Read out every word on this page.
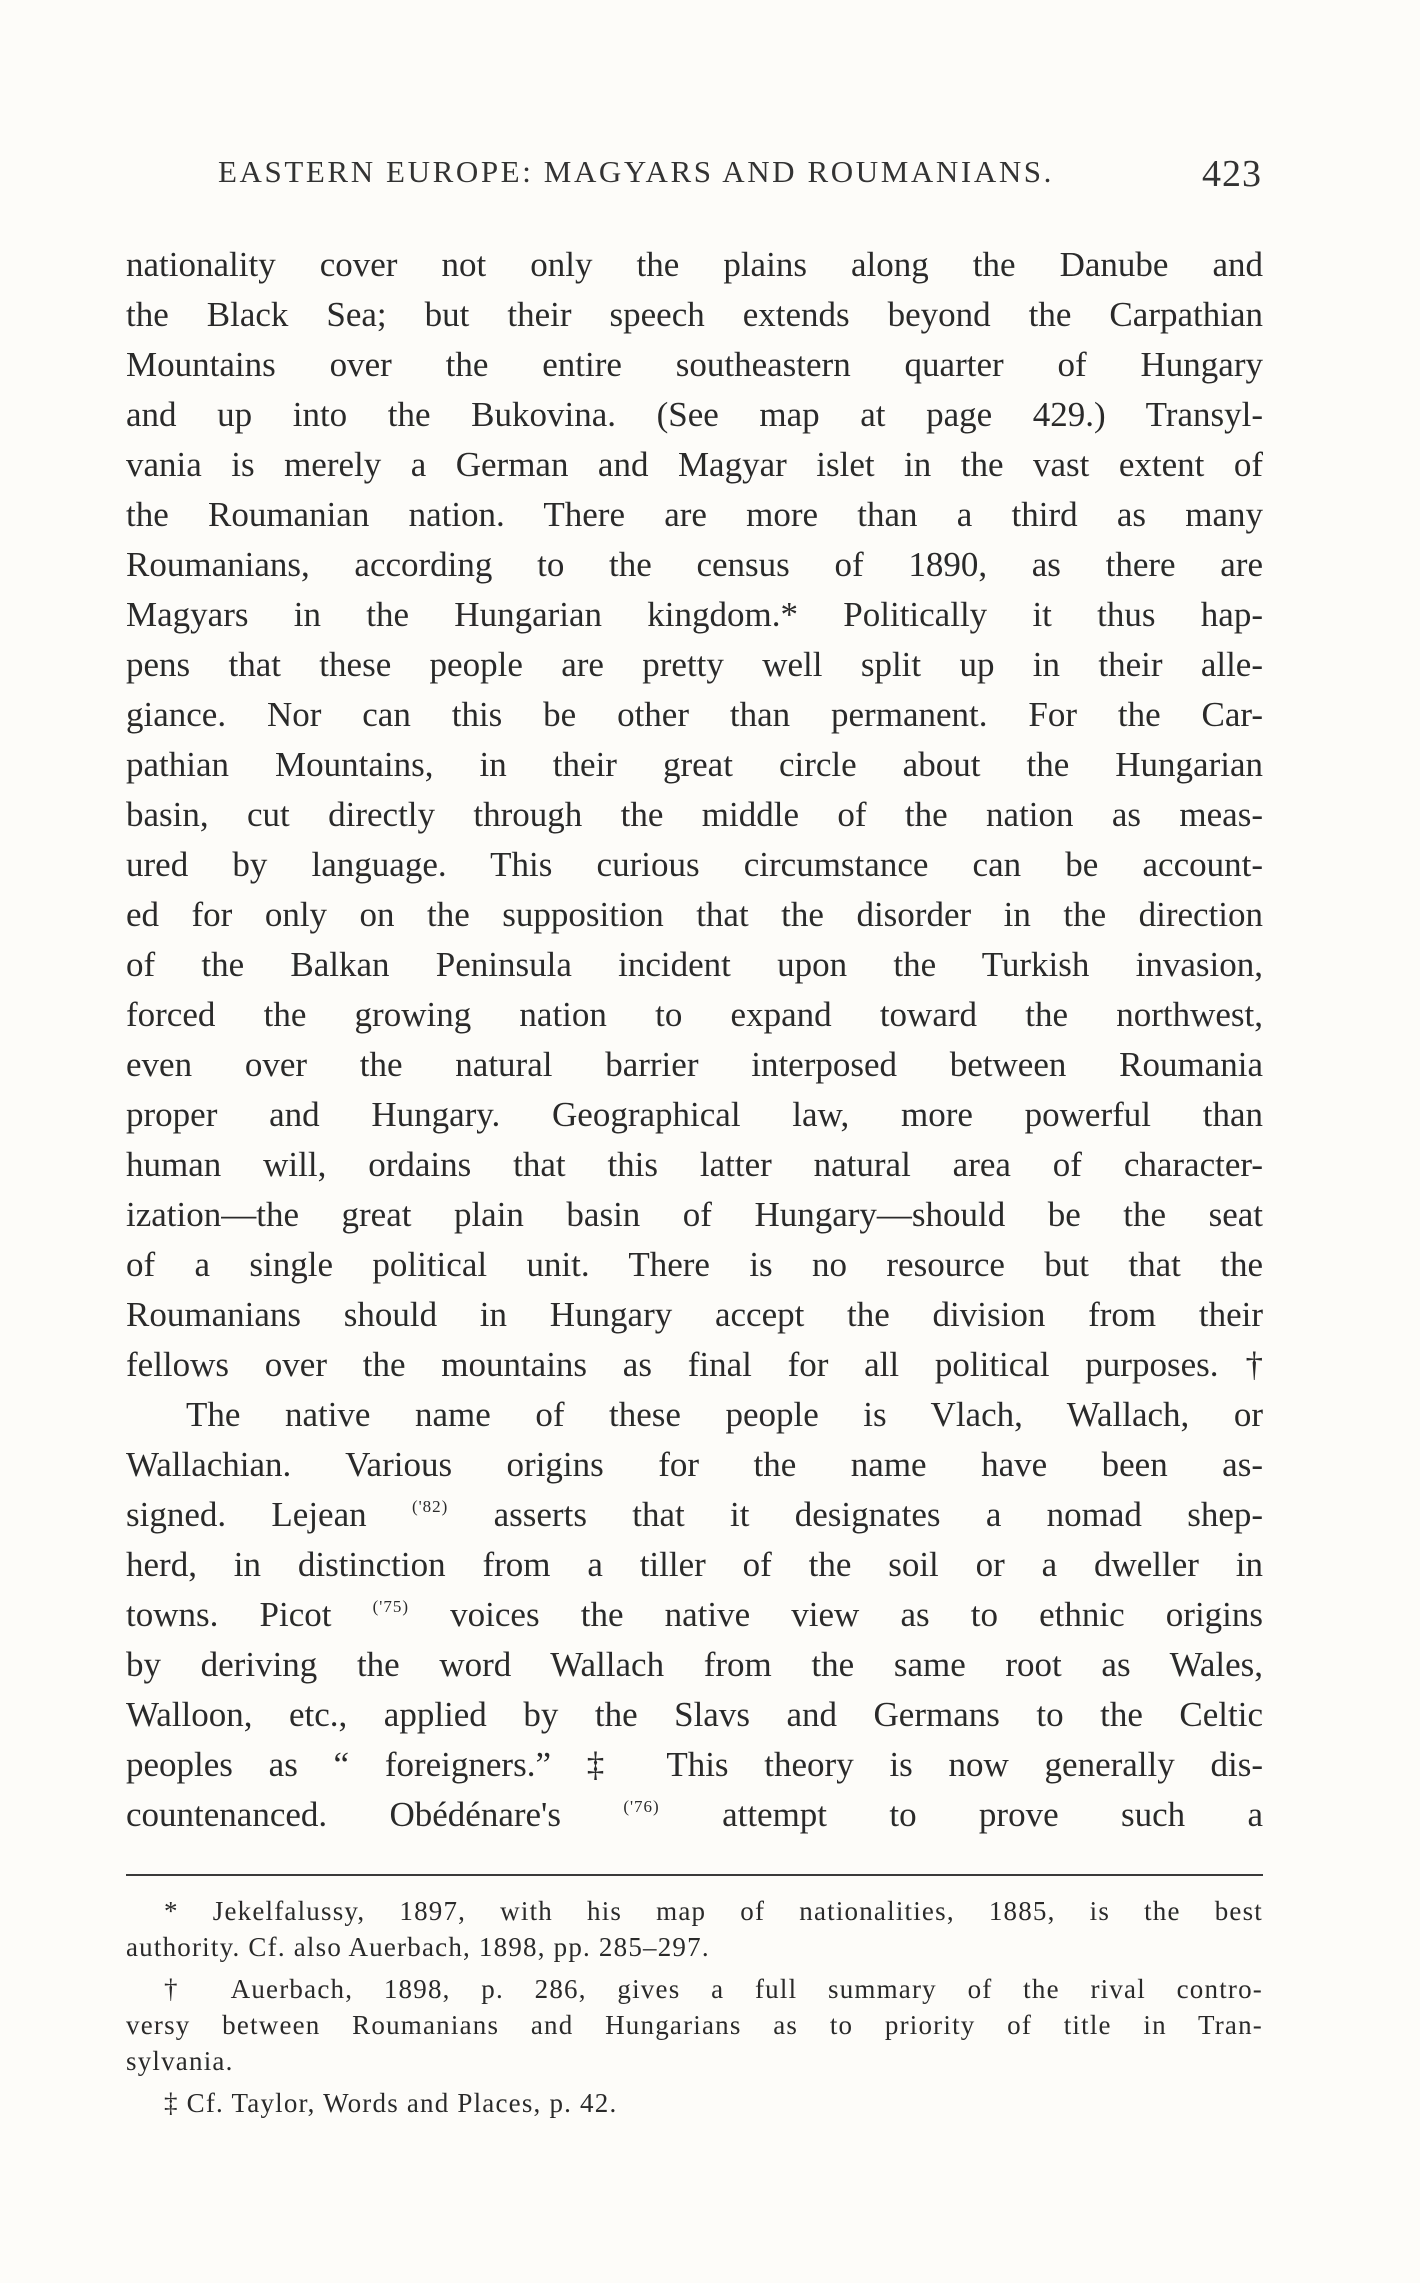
EASTERN EUROPE: MAGYARS AND ROUMANIANS.	423
nationality cover not only the plains along the Danube and
the Black Sea; but their speech extends beyond the Carpathian
Mountains over the entire southeastern quarter of Hungary
and up into the Bukovina. (See map at page 429.) Transyl-
vania is merely a German and Magyar islet in the vast extent of
the Roumanian nation. There are more than a third as many
Roumanians, according to the census of 1890, as there are
Magyars in the Hungarian kingdom.* Politically it thus hap-
pens that these people are pretty well split up in their alle-
giance. Nor can this be other than permanent. For the Car-
pathian Mountains, in their great circle about the Hungarian
basin, cut directly through the middle of the nation as meas-
ured by language. This curious circumstance can be account-
ed for only on the supposition that the disorder in the direction
of the Balkan Peninsula incident upon the Turkish invasion,
forced the growing nation to expand toward the northwest,
even over the natural barrier interposed between Roumania
proper and Hungary. Geographical law, more powerful than
human will, ordains that this latter natural area of character-
ization—the great plain basin of Hungary—should be the seat
of a single political unit. There is no resource but that the
Roumanians should in Hungary accept the division from their
fellows over the mountains as final for all political purposes.†
The native name of these people is Vlach, Wallach, or
Wallachian. Various origins for the name have been as-
signed. Lejean	$^{('82)}$ asserts that it designates a nomad shep-
herd, in distinction from a tiller of the soil or a dweller in
towns. Picot $^{('75)}$ voices the native view as to ethnic origins
by deriving the word Wallach from the same root as Wales,
Walloon, etc., applied by the Slavs and Germans to the Celtic
peoples as “ foreigners.” ‡ This theory is now generally dis-
countenanced. Obédénare's	$^{('76)}$ attempt to prove such a
* Jekelfalussy, 1897, with his map of nationalities, 1885, is the best
authority. Cf. also Auerbach, 1898, pp. 285–297.
† Auerbach, 1898, p. 286, gives a full summary of the rival contro-
versy between Roumanians and Hungarians as to priority of title in Tran-
sylvania.
‡ Cf. Taylor, Words and Places, p. 42.
